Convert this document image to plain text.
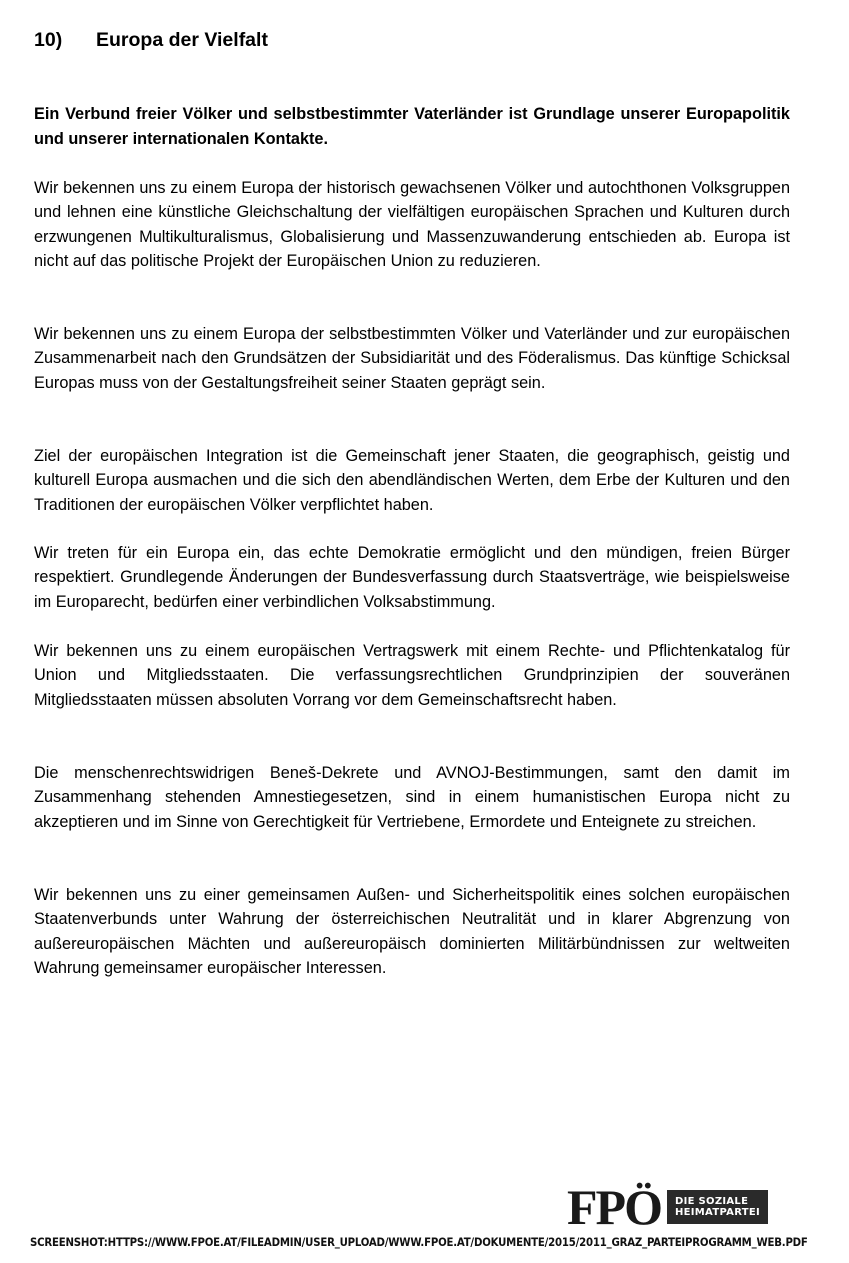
10)	Europa der Vielfalt

Ein Verbund freier Völker und selbstbestimmter Vaterländer ist Grundlage unserer Europapolitik und unserer internationalen Kontakte.

Wir bekennen uns zu einem Europa der historisch gewachsenen Völker und autochthonen Volksgruppen und lehnen eine künstliche Gleichschaltung der vielfältigen europäischen Sprachen und Kulturen durch erzwungenen Multikulturalismus, Globalisierung und Massenzuwanderung entschieden ab. Europa ist nicht auf das politische Projekt der Europäischen Union zu reduzieren.

Wir bekennen uns zu einem Europa der selbstbestimmten Völker und Vaterländer und zur europäischen Zusammenarbeit nach den Grundsätzen der Subsidiarität und des Föderalismus. Das künftige Schicksal Europas muss von der Gestaltungsfreiheit seiner Staaten geprägt sein.

Ziel der europäischen Integration ist die Gemeinschaft jener Staaten, die geographisch, geistig und kulturell Europa ausmachen und die sich den abendländischen Werten, dem Erbe der Kulturen und den Traditionen der europäischen Völker verpflichtet haben.

Wir treten für ein Europa ein, das echte Demokratie ermöglicht und den mündigen, freien Bürger respektiert. Grundlegende Änderungen der Bundesverfassung durch Staatsverträge, wie beispielsweise im Europarecht, bedürfen einer verbindlichen Volksabstimmung.

Wir bekennen uns zu einem europäischen Vertragswerk mit einem Rechte- und Pflichtenkatalog für Union und Mitgliedsstaaten. Die verfassungsrechtlichen Grundprinzipien der souveränen Mitgliedsstaaten müssen absoluten Vorrang vor dem Gemeinschaftsrecht haben.

Die menschenrechtswidrigen Beneš-Dekrete und AVNOJ-Bestimmungen, samt den damit im Zusammenhang stehenden Amnestiegesetzen, sind in einem humanistischen Europa nicht zu akzeptieren und im Sinne von Gerechtigkeit für Vertriebene, Ermordete und Enteignete zu streichen.

Wir bekennen uns zu einer gemeinsamen Außen- und Sicherheitspolitik eines solchen europäischen Staatenverbunds unter Wahrung der österreichischen Neutralität und in klarer Abgrenzung von außereuropäischen Mächten und außereuropäisch dominierten Militärbündnissen zur weltweiten Wahrung gemeinsamer europäischer Interessen.

FPÖ DIE SOZIALE
HEIMATPARTEI
SCREENSHOT:HTTPS://WWW.FPOE.AT/FILEADMIN/USER_UPLOAD/WWW.FPOE.AT/DOKUMENTE/2015/2011_GRAZ_PARTEIPROGRAMM_WEB.PDF
